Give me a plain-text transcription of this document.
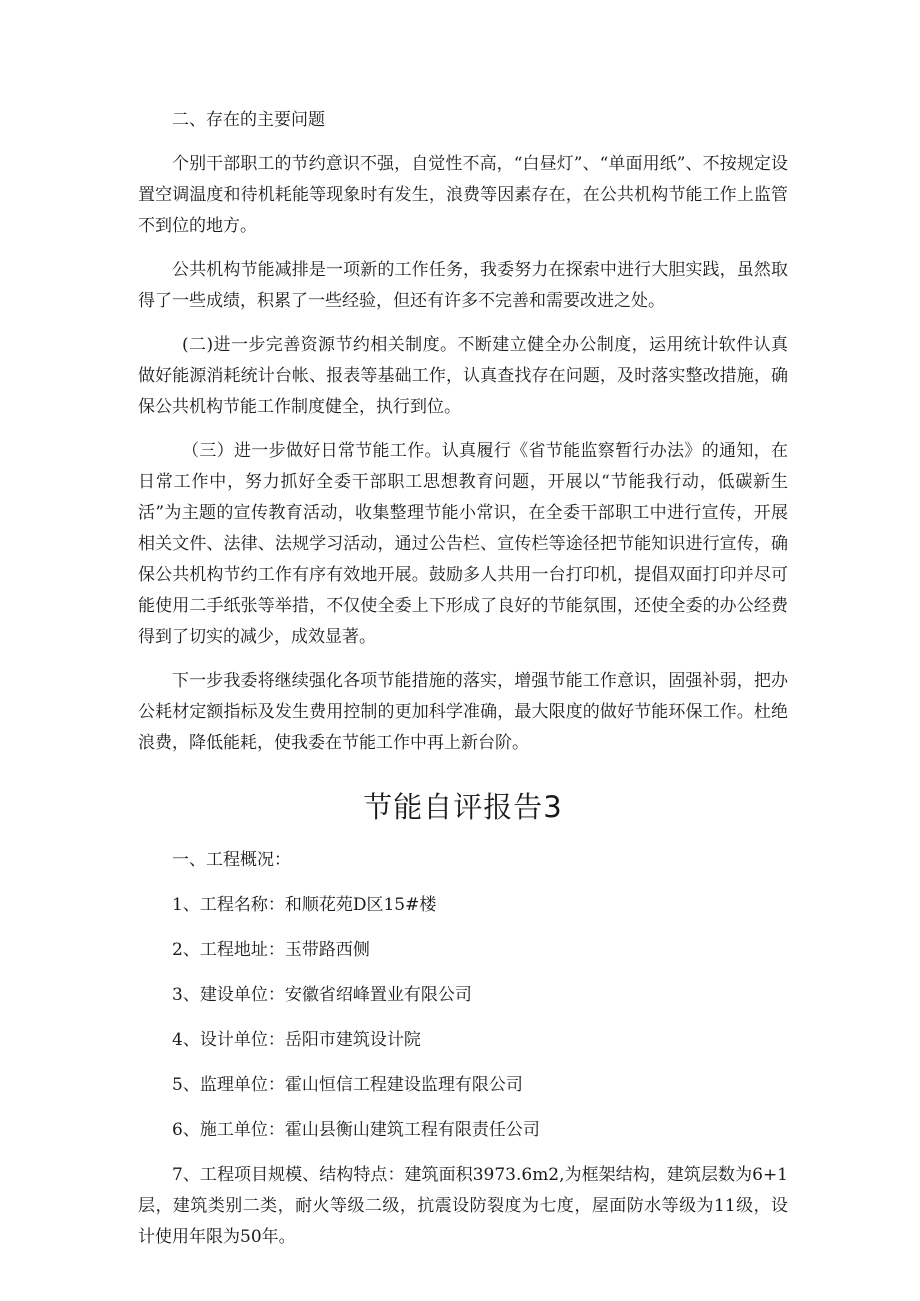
二、存在的主要问题

个别干部职工的节约意识不强，自觉性不高，“白昼灯”、“单面用纸”、不按规定设置空调温度和待机耗能等现象时有发生，浪费等因素存在，在公共机构节能工作上监管不到位的地方。

公共机构节能减排是一项新的工作任务，我委努力在探索中进行大胆实践，虽然取得了一些成绩，积累了一些经验，但还有许多不完善和需要改进之处。

(二)进一步完善资源节约相关制度。不断建立健全办公制度，运用统计软件认真做好能源消耗统计台帐、报表等基础工作，认真查找存在问题，及时落实整改措施，确保公共机构节能工作制度健全，执行到位。

（三）进一步做好日常节能工作。认真履行《省节能监察暂行办法》的通知，在日常工作中，努力抓好全委干部职工思想教育问题，开展以“节能我行动，低碳新生活”为主题的宣传教育活动，收集整理节能小常识，在全委干部职工中进行宣传，开展相关文件、法律、法规学习活动，通过公告栏、宣传栏等途径把节能知识进行宣传，确保公共机构节约工作有序有效地开展。鼓励多人共用一台打印机，提倡双面打印并尽可能使用二手纸张等举措，不仅使全委上下形成了良好的节能氛围，还使全委的办公经费得到了切实的减少，成效显著。

下一步我委将继续强化各项节能措施的落实，增强节能工作意识，固强补弱，把办公耗材定额指标及发生费用控制的更加科学准确，最大限度的做好节能环保工作。杜绝浪费，降低能耗，使我委在节能工作中再上新台阶。

节能自评报告3

一、工程概况：

1、工程名称：和顺花苑D区15#楼

2、工程地址：玉带路西侧

3、建设单位：安徽省绍峰置业有限公司

4、设计单位：岳阳市建筑设计院

5、监理单位：霍山恒信工程建设监理有限公司

6、施工单位：霍山县衡山建筑工程有限责任公司

7、工程项目规模、结构特点：建筑面积3973.6m2,为框架结构，建筑层数为6+1层，建筑类别二类，耐火等级二级，抗震设防裂度为七度，屋面防水等级为11级，设计使用年限为50年。
